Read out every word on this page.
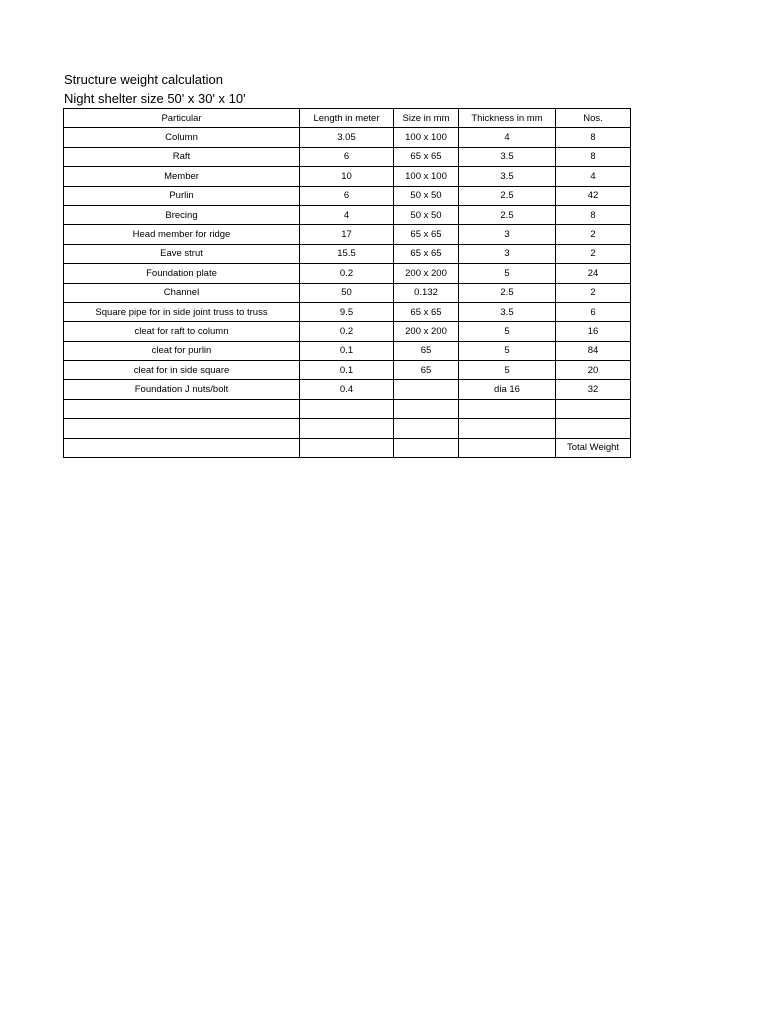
Structure weight calculation
Night shelter size 50' x 30' x 10'
Particular	Length in meter	Size in mm	Thickness in mm	Nos.
Column	3.05	100 x 100	4	8
Raft	6	65 x 65	3.5	8
Member	10	100 x 100	3.5	4
Purlin	6	50 x 50	2.5	42
Brecing	4	50 x 50	2.5	8
Head member for ridge	17	65 x 65	3	2
Eave strut	15.5	65 x 65	3	2
Foundation plate	0.2	200 x 200	5	24
Channel	50	0.132	2.5	2
Square pipe for in side joint truss to truss	9.5	65 x 65	3.5	6
cleat for raft to column	0.2	200 x 200	5	16
cleat for purlin	0.1	65	5	84
cleat for in side square	0.1	65	5	20
Foundation J nuts/bolt	0.4		dia 16	32

				Total Weight
